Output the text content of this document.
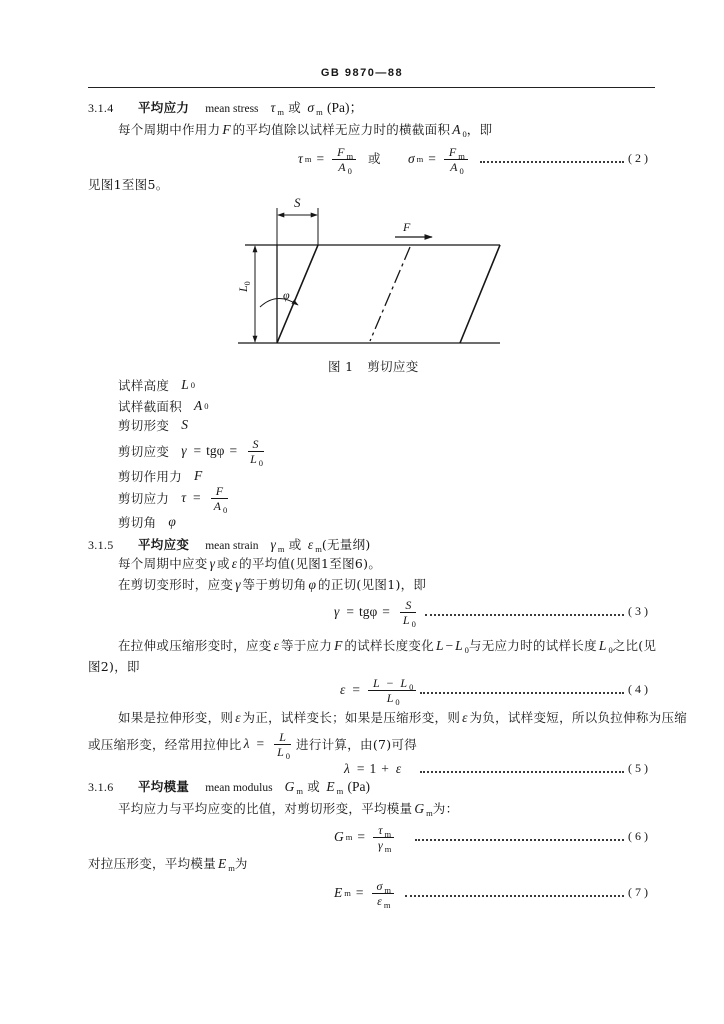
GB 9870—88
3.1.4 平均应力 mean stress τ $_m$ 或 σ $_m$ (Pa)；
每个周期中作用力 F 的平均值除以试样无应力时的横截面积 A $_0$，即
τ $m = \frac{F _m}{A _0}$ 或 σ $m = \frac{F _m}{A _0}$	( 2 )
见图1至图5。
S
F
φ
$L_0$
图 1 剪切应变
试样高度 L 0
试样截面积 A 0
剪切形变 S
剪切应变 $\gamma = tg\varphi = \frac{S}{L _0}$
剪切作用力 F
剪切应力 $\tau = \frac{F}{A _0}$
剪切角 φ
3.1.5 平均应变 mean strain γ $_m$ 或 ε $_m$(无量纲)
每个周期中应变 γ 或 ε 的平均值(见图1至图6)。
在剪切变形时，应变 γ 等于剪切角 φ 的正切(见图1)，即
$\gamma = tg\varphi = \frac{S}{L _0}$	( 3 )
在拉伸或压缩形变时，应变 ε 等于应力 F 的试样长度变化 L − L $_0$与无应力时的试样长度 L $_0$之比(见
图2)，即
$\varepsilon = \frac{L - L _0}{L _0}$	( 4 )
如果是拉伸形变，则 ε 为正，试样变长；如果是压缩形变，则 ε 为负，试样变短，所以负拉伸称为压缩
或压缩形变，经常用拉伸比 $\lambda = \frac{L}{L _0}$ 进行计算，由(7)可得
λ = 1 + ε	( 5 )
3.1.6 平均模量 mean modulus G $_m$ 或 E $_m$ (Pa)
平均应力与平均应变的比值，对剪切形变，平均模量 G $_m$为：
G $m = \frac{\tau _m}{\gamma _m}$	( 6 )
对拉压形变，平均模量 E $_m$为
E $m = \frac{\sigma _m}{\varepsilon _m}$	( 7 )
